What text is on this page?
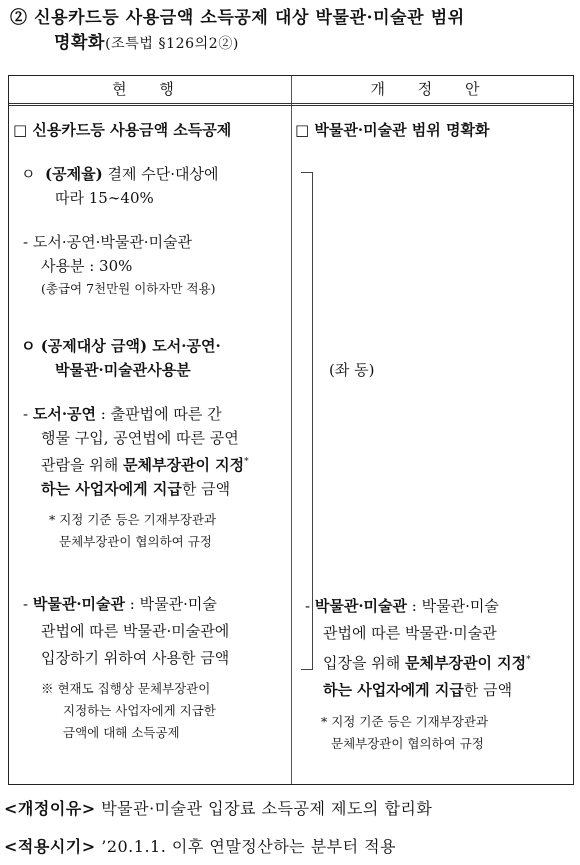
② 신용카드등 사용금액 소득공제 대상 박물관·미술관 범위
명확화(조특법 §126의2②)
현 행	개 정 안
□ 신용카드등 사용금액 소득공제
ㅇ (공제율) 결제 수단·대상에
따라 15∼40%
- 도서·공연·박물관·미술관
사용분 : 30%
(총급여 7천만원 이하자만 적용)
ㅇ (공제대상 금액) 도서·공연·
박물관·미술관사용분
- 도서·공연 : 출판법에 따른 간
행물 구입, 공연법에 따른 공연
관람을 위해 문체부장관이 지정*
하는 사업자에게 지급한 금액
* 지정 기준 등은 기재부장관과
문체부장관이 협의하여 규정
- 박물관·미술관 : 박물관·미술
관법에 따른 박물관·미술관에
입장하기 위하여 사용한 금액
※ 현재도 집행상 문체부장관이
지정하는 사업자에게 지급한
금액에 대해 소득공제
□ 박물관·미술관 범위 명확화
(좌 동)
- 박물관·미술관 : 박물관·미술
관법에 따른 박물관·미술관
입장을 위해 문체부장관이 지정*
하는 사업자에게 지급한 금액
* 지정 기준 등은 기재부장관과
문체부장관이 협의하여 규정
<개정이유> 박물관·미술관 입장료 소득공제 제도의 합리화
<적용시기> ’20.1.1. 이후 연말정산하는 분부터 적용
